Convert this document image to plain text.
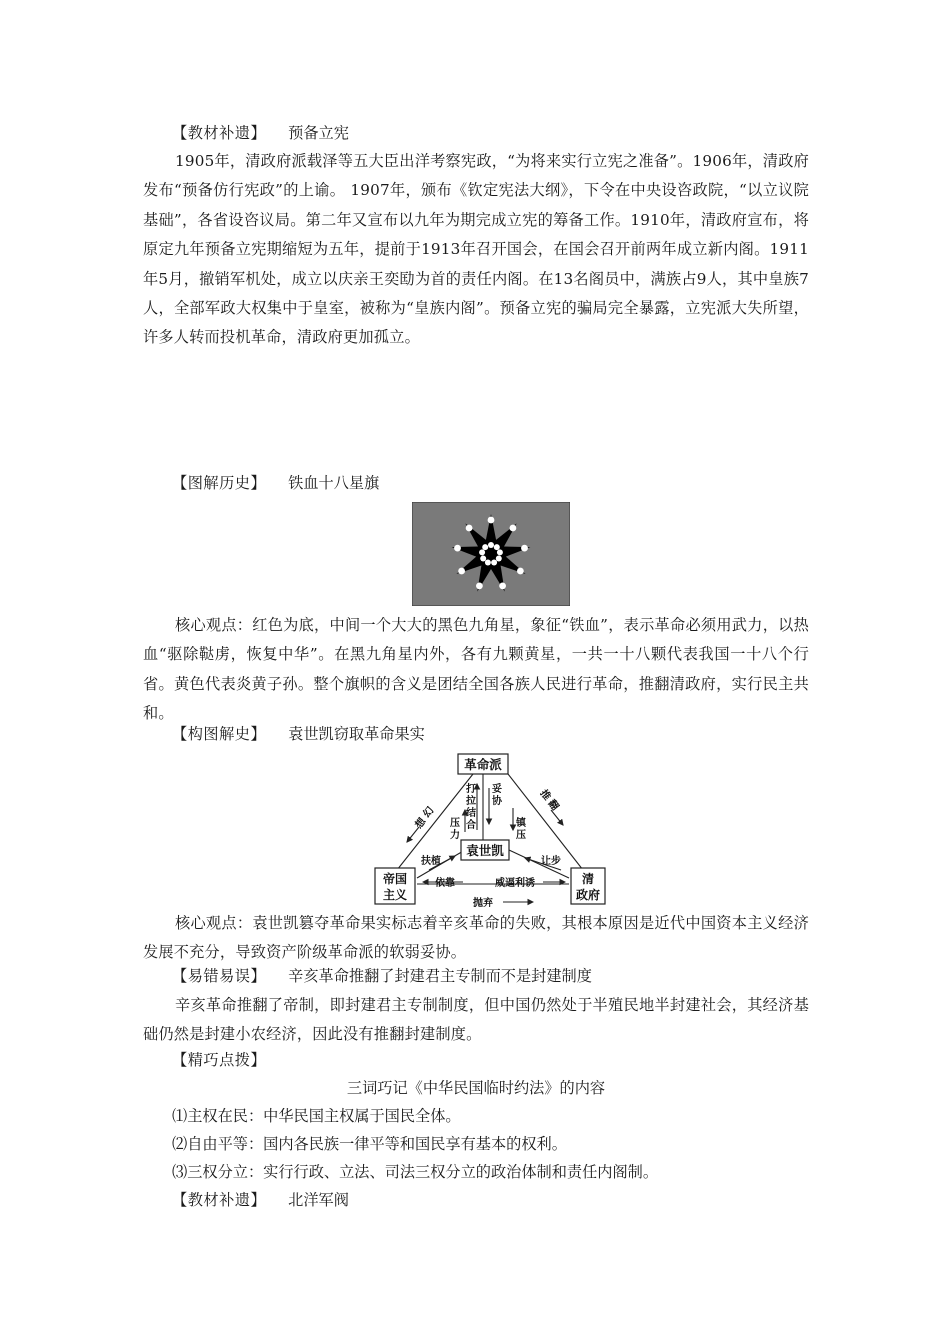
【教材补遗】 预备立宪
1905年，清政府派载泽等五大臣出洋考察宪政，“为将来实行立宪之准备”。1906年，清政府发布“预备仿行宪政”的上谕。 1907年，颁布《钦定宪法大纲》，下令在中央设咨政院，“以立议院基础”，各省设咨议局。第二年又宣布以九年为期完成立宪的筹备工作。1910年，清政府宣布，将原定九年预备立宪期缩短为五年，提前于1913年召开国会，在国会召开前两年成立新内阁。1911年5月，撤销军机处，成立以庆亲王奕劻为首的责任内阁。在13名阁员中，满族占9人，其中皇族7人，全部军政大权集中于皇室，被称为“皇族内阁”。预备立宪的骗局完全暴露，立宪派大失所望，许多人转而投机革命，清政府更加孤立。
【图解历史】 铁血十八星旗
核心观点：红色为底，中间一个大大的黑色九角星，象征“铁血”，表示革命必须用武力，以热血“驱除鞑虏，恢复中华”。在黑九角星内外，各有九颗黄星，一共一十八颗代表我国一十八个行省。黄色代表炎黄子孙。整个旗帜的含义是团结全国各族人民进行革命，推翻清政府，实行民主共和。
【构图解史】 袁世凯窃取革命果实
革命派
袁世凯
帝国
主义
清
政府
幻
想
推
翻
打
拉
结
合
妥
协
压
力
镇
压
扶植	让步
依靠	威逼利诱
抛弃
核心观点：袁世凯篡夺革命果实标志着辛亥革命的失败，其根本原因是近代中国资本主义经济发展不充分，导致资产阶级革命派的软弱妥协。
【易错易误】 辛亥革命推翻了封建君主专制而不是封建制度
辛亥革命推翻了帝制，即封建君主专制制度，但中国仍然处于半殖民地半封建社会，其经济基础仍然是封建小农经济，因此没有推翻封建制度。
【精巧点拨】
三词巧记《中华民国临时约法》的内容
⑴主权在民：中华民国主权属于国民全体。
⑵自由平等：国内各民族一律平等和国民享有基本的权利。
⑶三权分立：实行行政、立法、司法三权分立的政治体制和责任内阁制。
【教材补遗】 北洋军阀
